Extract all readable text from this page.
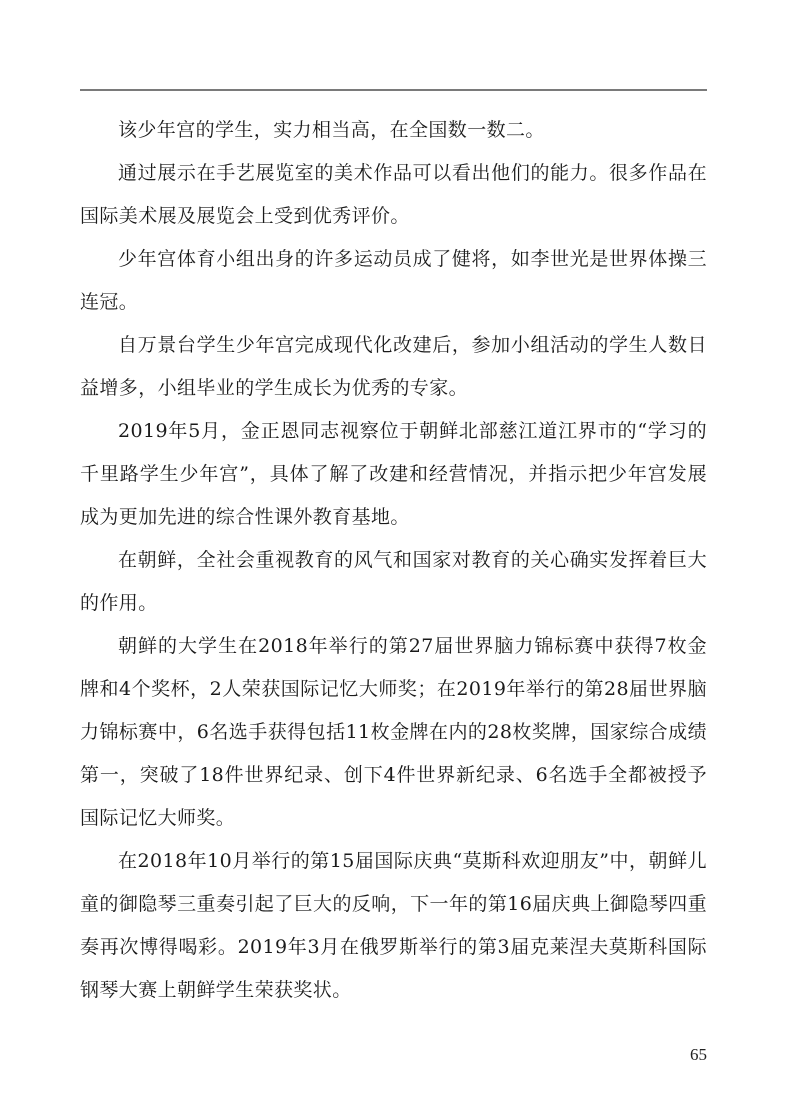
该少年宫的学生，实力相当高，在全国数一数二。

通过展示在手艺展览室的美术作品可以看出他们的能力。很多作品在国际美术展及展览会上受到优秀评价。

少年宫体育小组出身的许多运动员成了健将，如李世光是世界体操三连冠。

自万景台学生少年宫完成现代化改建后，参加小组活动的学生人数日益增多，小组毕业的学生成长为优秀的专家。

2019年5月，金正恩同志视察位于朝鲜北部慈江道江界市的“学习的千里路学生少年宫”，具体了解了改建和经营情况，并指示把少年宫发展成为更加先进的综合性课外教育基地。

在朝鲜，全社会重视教育的风气和国家对教育的关心确实发挥着巨大的作用。

朝鲜的大学生在2018年举行的第27届世界脑力锦标赛中获得7枚金牌和4个奖杯，2人荣获国际记忆大师奖；在2019年举行的第28届世界脑力锦标赛中，6名选手获得包括11枚金牌在内的28枚奖牌，国家综合成绩第一，突破了18件世界纪录、创下4件世界新纪录、6名选手全都被授予国际记忆大师奖。

在2018年10月举行的第15届国际庆典“莫斯科欢迎朋友”中，朝鲜儿童的御隐琴三重奏引起了巨大的反响，下一年的第16届庆典上御隐琴四重奏再次博得喝彩。2019年3月在俄罗斯举行的第3届克莱涅夫莫斯科国际钢琴大赛上朝鲜学生荣获奖状。

65
